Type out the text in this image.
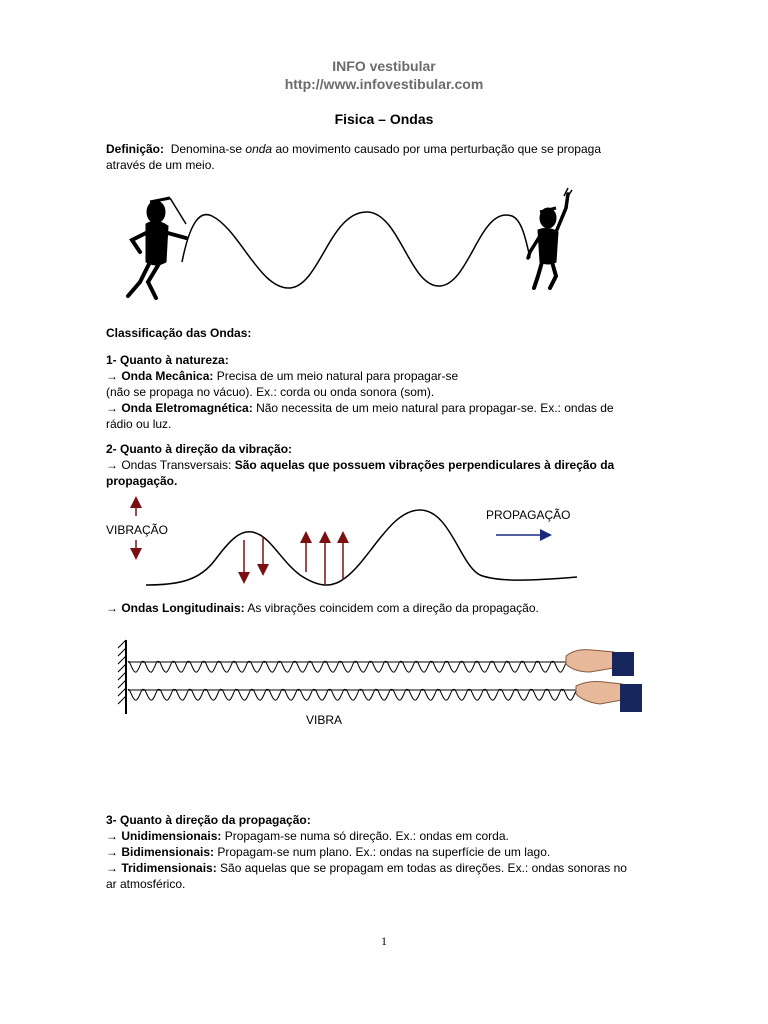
INFO vestibular
http://www.infovestibular.com
Fisica – Ondas
Definição: Denomina-se onda ao movimento causado por uma perturbação que se propaga
através de um meio.
Classificação das Ondas:
1- Quanto à natureza:
→ Onda Mecânica: Precisa de um meio natural para propagar-se
(não se propaga no vácuo). Ex.: corda ou onda sonora (som).
→ Onda Eletromagnética: Não necessita de um meio natural para propagar-se. Ex.: ondas de
rádio ou luz.
2- Quanto à direção da vibração:
→ Ondas Transversais: São aquelas que possuem vibrações perpendiculares à direção da
propagação.
VIBRAÇÃO
PROPAGAÇÃO
→ Ondas Longitudinais: As vibrações coincidem com a direção da propagação.
VIBRA
3- Quanto à direção da propagação:
→ Unidimensionais: Propagam-se numa só direção. Ex.: ondas em corda.
→ Bidimensionais: Propagam-se num plano. Ex.: ondas na superfície de um lago.
→ Tridimensionais: São aquelas que se propagam em todas as direções. Ex.: ondas sonoras no
ar atmosférico.
1
